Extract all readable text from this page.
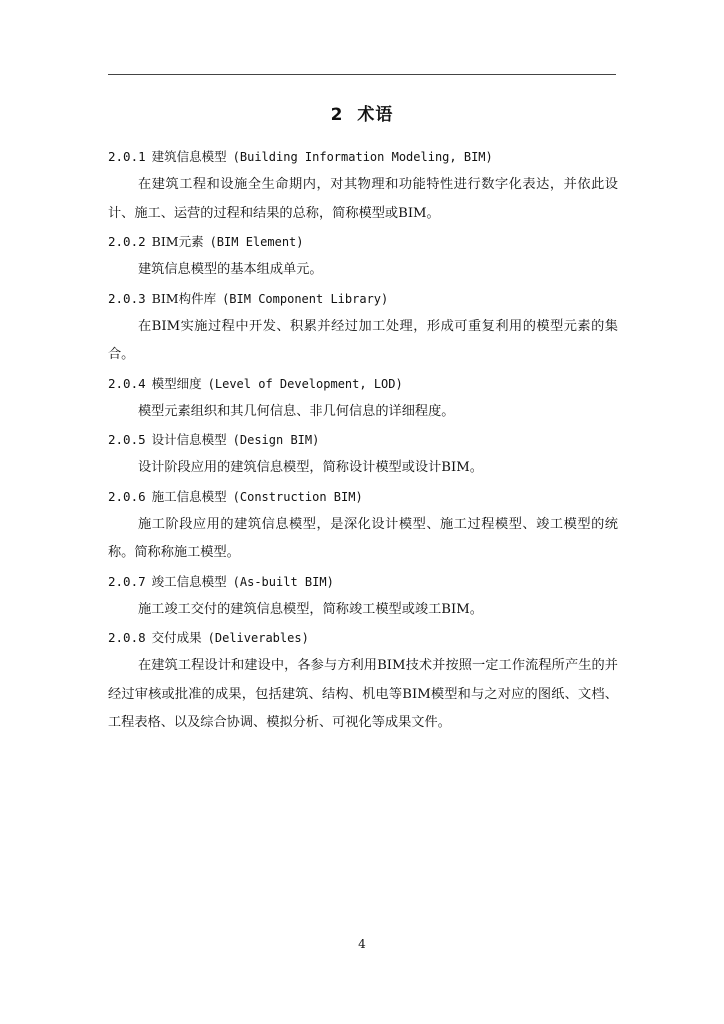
2 术语
2.0.1 建筑信息模型 (Building Information Modeling, BIM)

在建筑工程和设施全生命期内，对其物理和功能特性进行数字化表达，并依此设计、施工、运营的过程和结果的总称，简称模型或BIM。

2.0.2 BIM元素 (BIM Element)

建筑信息模型的基本组成单元。

2.0.3 BIM构件库 (BIM Component Library)

在BIM实施过程中开发、积累并经过加工处理，形成可重复利用的模型元素的集合。

2.0.4 模型细度 (Level of Development, LOD)

模型元素组织和其几何信息、非几何信息的详细程度。

2.0.5 设计信息模型 (Design BIM)

设计阶段应用的建筑信息模型，简称设计模型或设计BIM。

2.0.6 施工信息模型 (Construction BIM)

施工阶段应用的建筑信息模型，是深化设计模型、施工过程模型、竣工模型的统称。简称称施工模型。

2.0.7 竣工信息模型 (As-built BIM)

施工竣工交付的建筑信息模型，简称竣工模型或竣工BIM。

2.0.8 交付成果 (Deliverables)

在建筑工程设计和建设中，各参与方利用BIM技术并按照一定工作流程所产生的并经过审核或批准的成果，包括建筑、结构、机电等BIM模型和与之对应的图纸、文档、工程表格、以及综合协调、模拟分析、可视化等成果文件。

4
